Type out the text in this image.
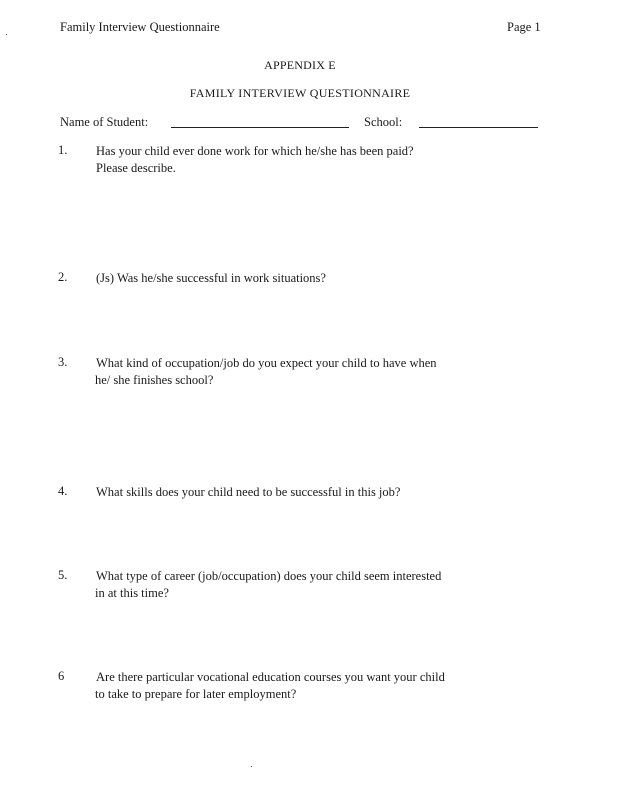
Family Interview Questionnaire	Page 1
APPENDIX E
FAMILY INTERVIEW QUESTIONNAIRE
Name of Student:	School:
1. Has your child ever done work for which he/she has been paid?
Please describe.
2. (Js) Was he/she successful in work situations?
3. What kind of occupation/job do you expect your child to have when
he/ she finishes school?
4. What skills does your child need to be successful in this job?
5. What type of career (job/occupation) does your child seem interested
in at this time?
6	Are there particular vocational education courses you want your child
to take to prepare for later employment?
